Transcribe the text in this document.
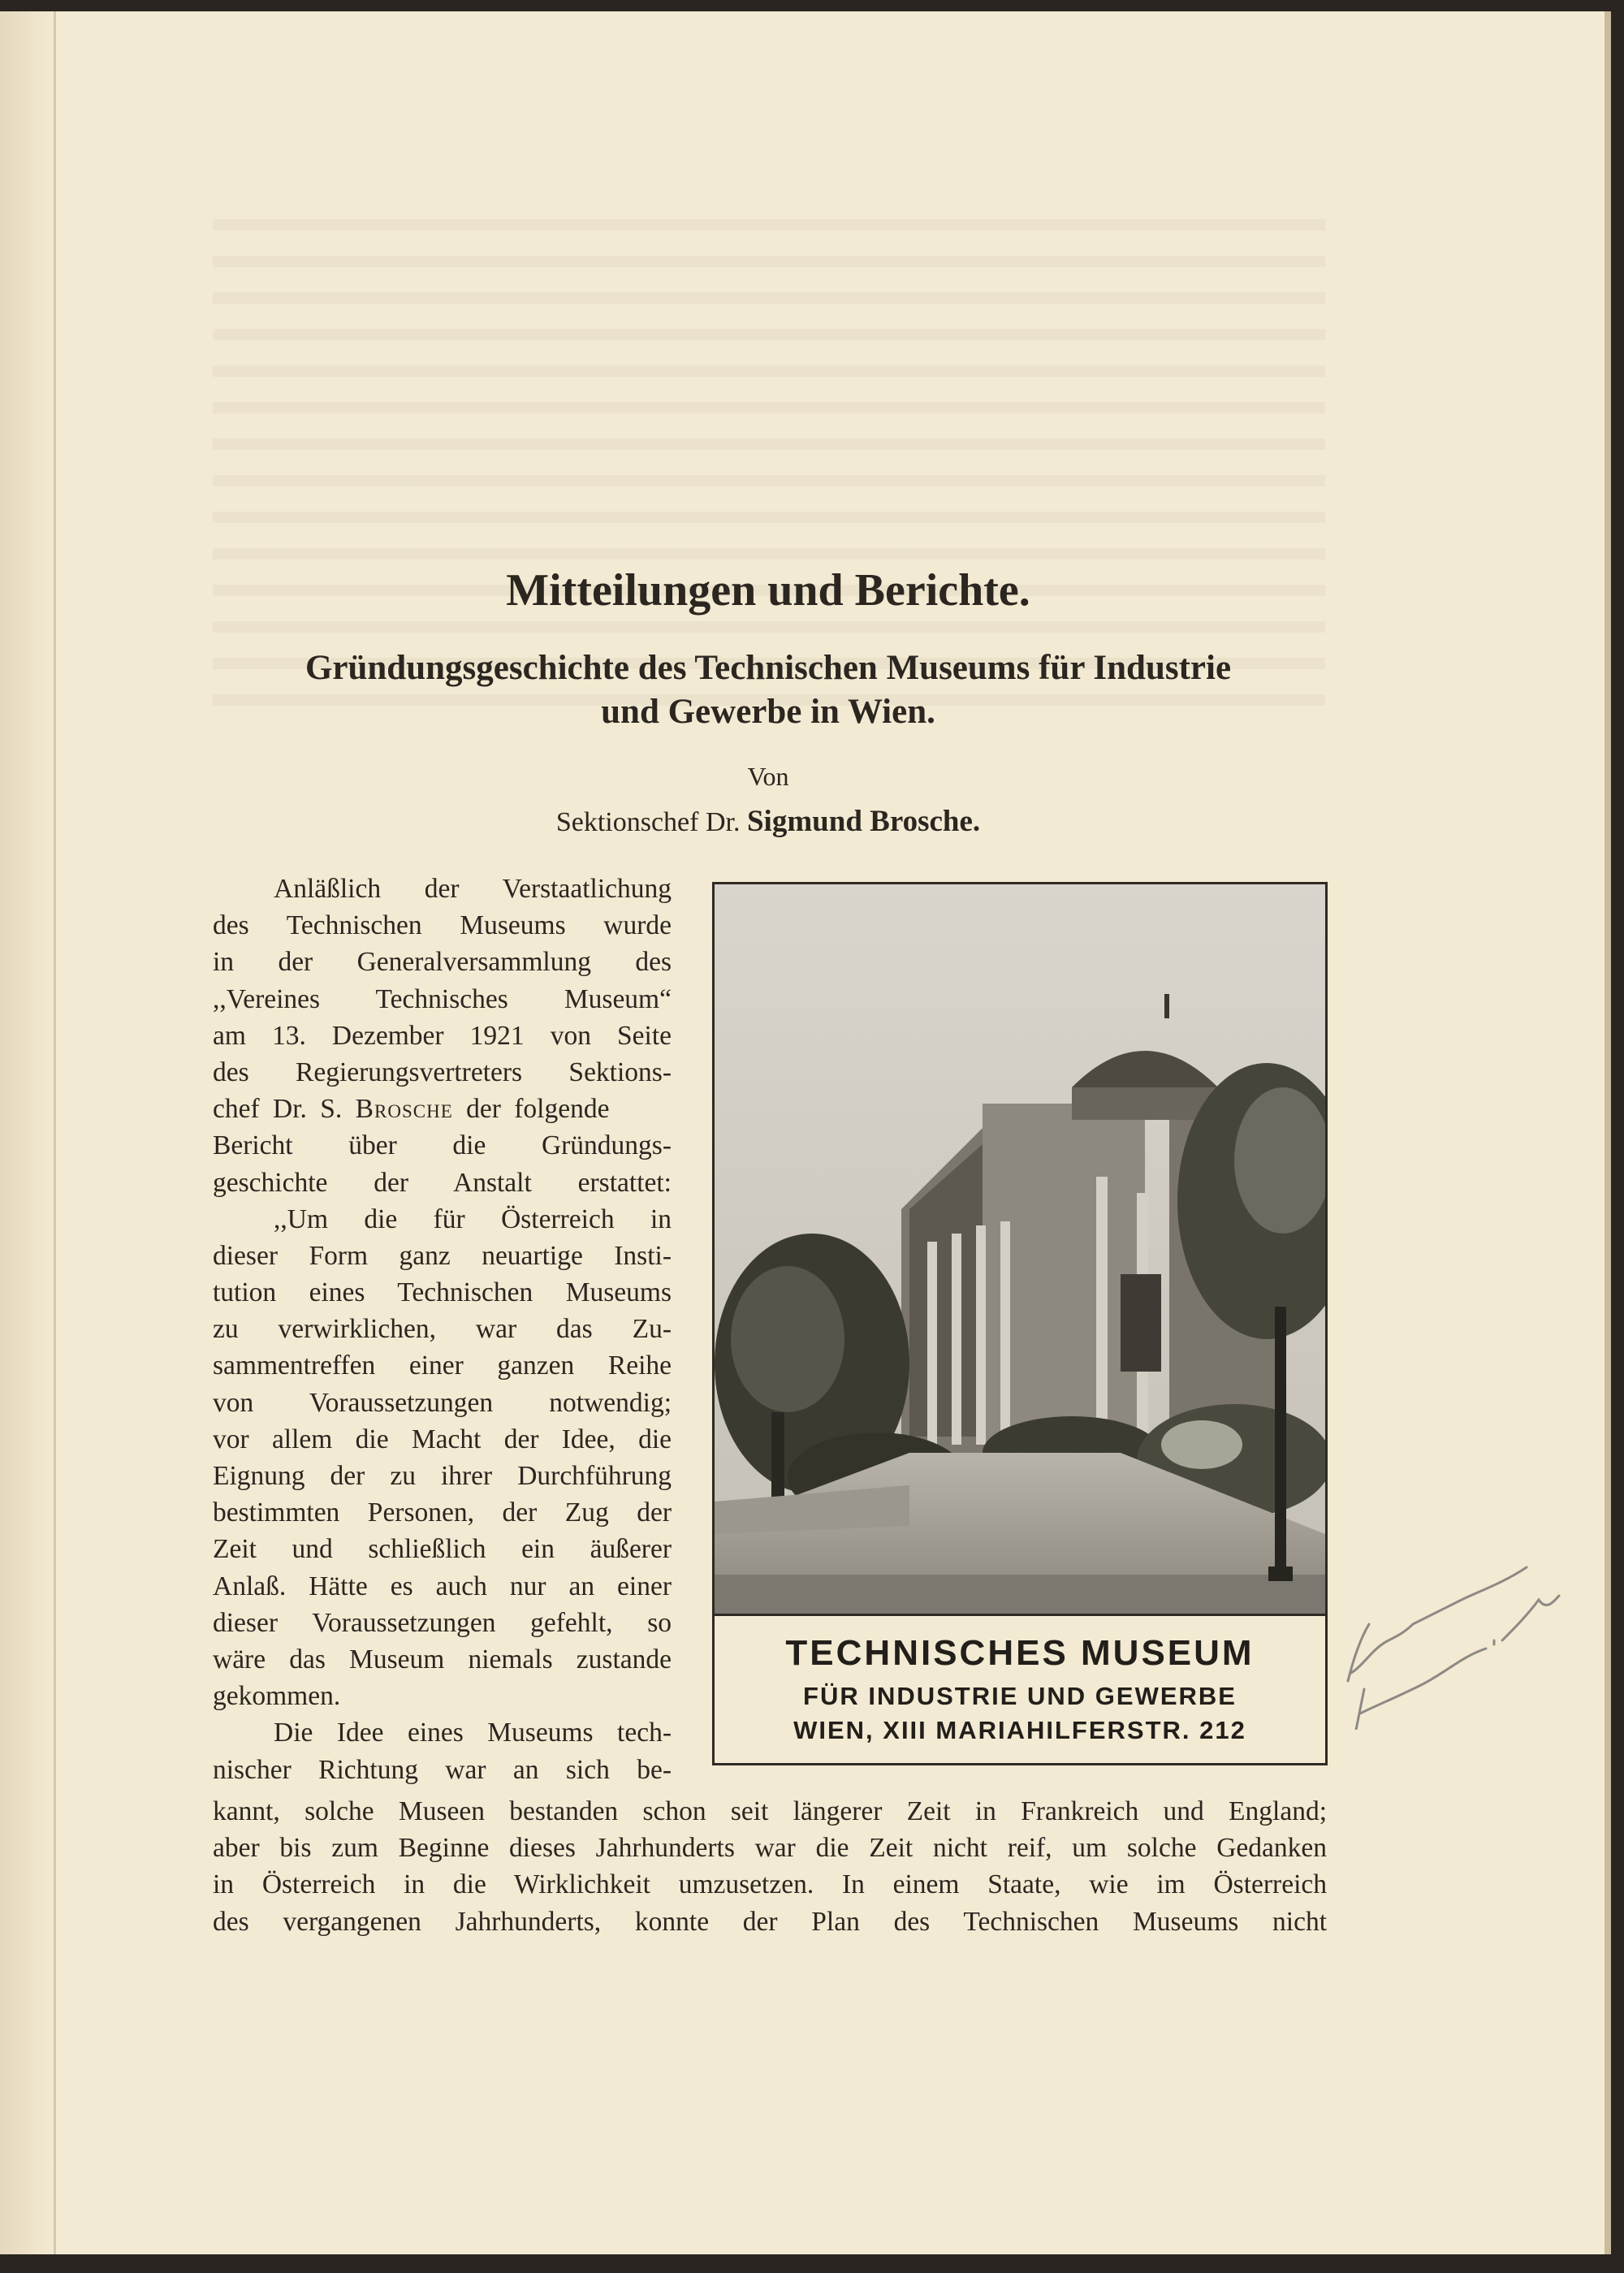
Mitteilungen und Berichte.
Gründungsgeschichte des Technischen Museums für Industrie
und Gewerbe in Wien.
Von
Sektionschef Dr. Sigmund Brosche.
Anläßlich der Verstaatlichung
des Technischen Museums wurde
in der Generalversammlung des
,,Vereines Technisches Museum“
am 13. Dezember 1921 von Seite
des Regierungsvertreters Sektions-
chef Dr. S. Brosche der folgende
Bericht über die Gründungs-
geschichte der Anstalt erstattet:
,,Um die für Österreich in
dieser Form ganz neuartige Insti-
tution eines Technischen Museums
zu verwirklichen, war das Zu-
sammentreffen einer ganzen Reihe
von Voraussetzungen notwendig;
vor allem die Macht der Idee, die
Eignung der zu ihrer Durchführung
bestimmten Personen, der Zug der
Zeit und schließlich ein äußerer
Anlaß. Hätte es auch nur an einer
dieser Voraussetzungen gefehlt, so
wäre das Museum niemals zustande
gekommen.
Die Idee eines Museums tech-
nischer Richtung war an sich be-
kannt, solche Museen bestanden schon seit längerer Zeit in Frankreich und England;
aber bis zum Beginne dieses Jahrhunderts war die Zeit nicht reif, um solche Gedanken
in Österreich in die Wirklichkeit umzusetzen. In einem Staate, wie im Österreich
des vergangenen Jahrhunderts, konnte der Plan des Technischen Museums nicht
TECHNISCHES MUSEUM
FÜR INDUSTRIE UND GEWERBE
WIEN, XIII MARIAHILFERSTR. 212
